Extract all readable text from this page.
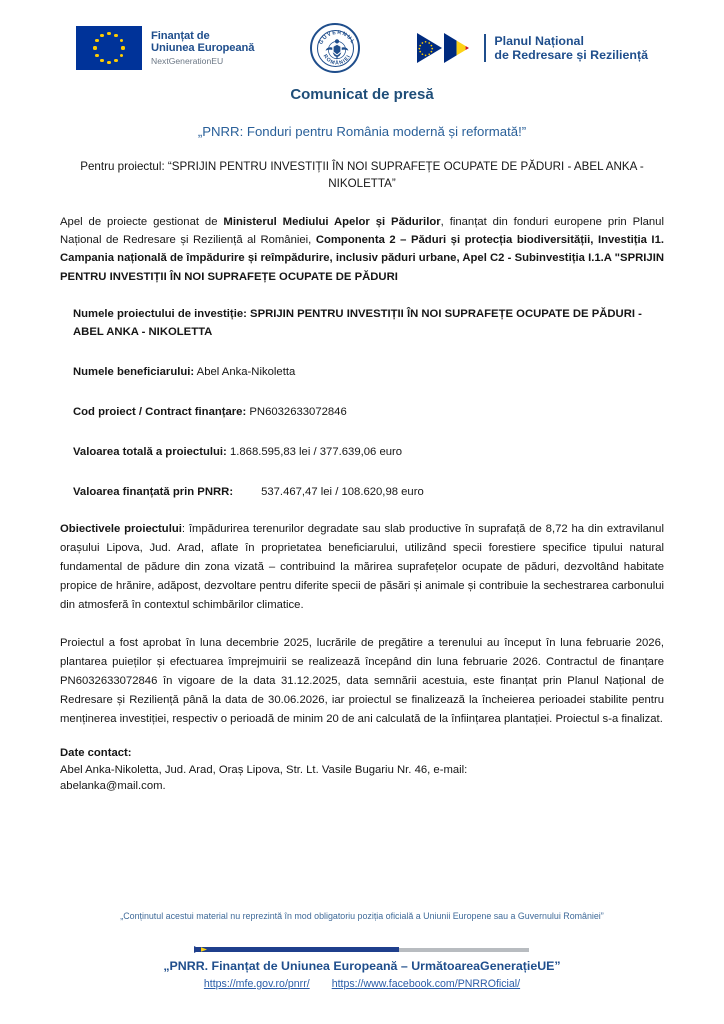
Finanțat de
Uniunea Europeană
NextGenerationEU
GUVERNUL
ROMÂNIEI
Planul Național
de Redresare și Reziliență
Comunicat de presă
„PNRR: Fonduri pentru România modernă și reformată!”
Pentru proiectul: “SPRIJIN PENTRU INVESTIȚII ÎN NOI SUPRAFEȚE OCUPATE DE PĂDURI - ABEL ANKA - NIKOLETTA”
Apel de proiecte gestionat de Ministerul Mediului Apelor și Pădurilor, finanțat din fonduri europene prin Planul Național de Redresare și Reziliență al României, Componenta 2 – Păduri și protecția biodiversității, Investiția I1. Campania națională de împădurire și reîmpădurire, inclusiv păduri urbane, Apel C2 - Subinvestiția I.1.A "SPRIJIN PENTRU INVESTIȚII ÎN NOI SUPRAFEȚE OCUPATE DE PĂDURI
Numele proiectului de investiție: SPRIJIN PENTRU INVESTIȚII ÎN NOI SUPRAFEȚE OCUPATE DE PĂDURI - ABEL ANKA - NIKOLETTA
Numele beneficiarului: Abel Anka-Nikoletta
Cod proiect / Contract finanțare: PN6032633072846
Valoarea totală a proiectului: 1.868.595,83 lei / 377.639,06 euro
Valoarea finanțată prin PNRR: 537.467,47 lei / 108.620,98 euro
Obiectivele proiectului: împădurirea terenurilor degradate sau slab productive în suprafață de 8,72 ha din extravilanul orașului Lipova, Jud. Arad, aflate în proprietatea beneficiarului, utilizând specii forestiere specifice tipului natural fundamental de pădure din zona vizată – contribuind la mărirea suprafețelor ocupate de păduri, dezvoltând habitate propice de hrănire, adăpost, dezvoltare pentru diferite specii de păsări și animale și contribuie la sechestrarea carbonului din atmosferă în contextul schimbărilor climatice.
Proiectul a fost aprobat în luna decembrie 2025, lucrările de pregătire a terenului au început în luna februarie 2026, plantarea puieților și efectuarea împrejmuirii se realizează începând din luna februarie 2026. Contractul de finanțare PN6032633072846 în vigoare de la data 31.12.2025, data semnării acestuia, este finanțat prin Planul Național de Redresare și Reziliență până la data de 30.06.2026, iar proiectul se finalizează la încheierea perioadei stabilite pentru menținerea investiției, respectiv o perioadă de minim 20 de ani calculată de la înființarea plantației. Proiectul s-a finalizat.
Date contact:
Abel Anka-Nikoletta, Jud. Arad, Oraș Lipova, Str. Lt. Vasile Bugariu Nr. 46, e-mail:
abelanka@mail.com.
„Conținutul acestui material nu reprezintă în mod obligatoriu poziția oficială a Uniunii Europene sau a Guvernului României”
„PNRR. Finanțat de Uniunea Europeană – UrmătoareaGenerațieUE”
https://mfe.gov.ro/pnrr/ https://www.facebook.com/PNRROficial/
